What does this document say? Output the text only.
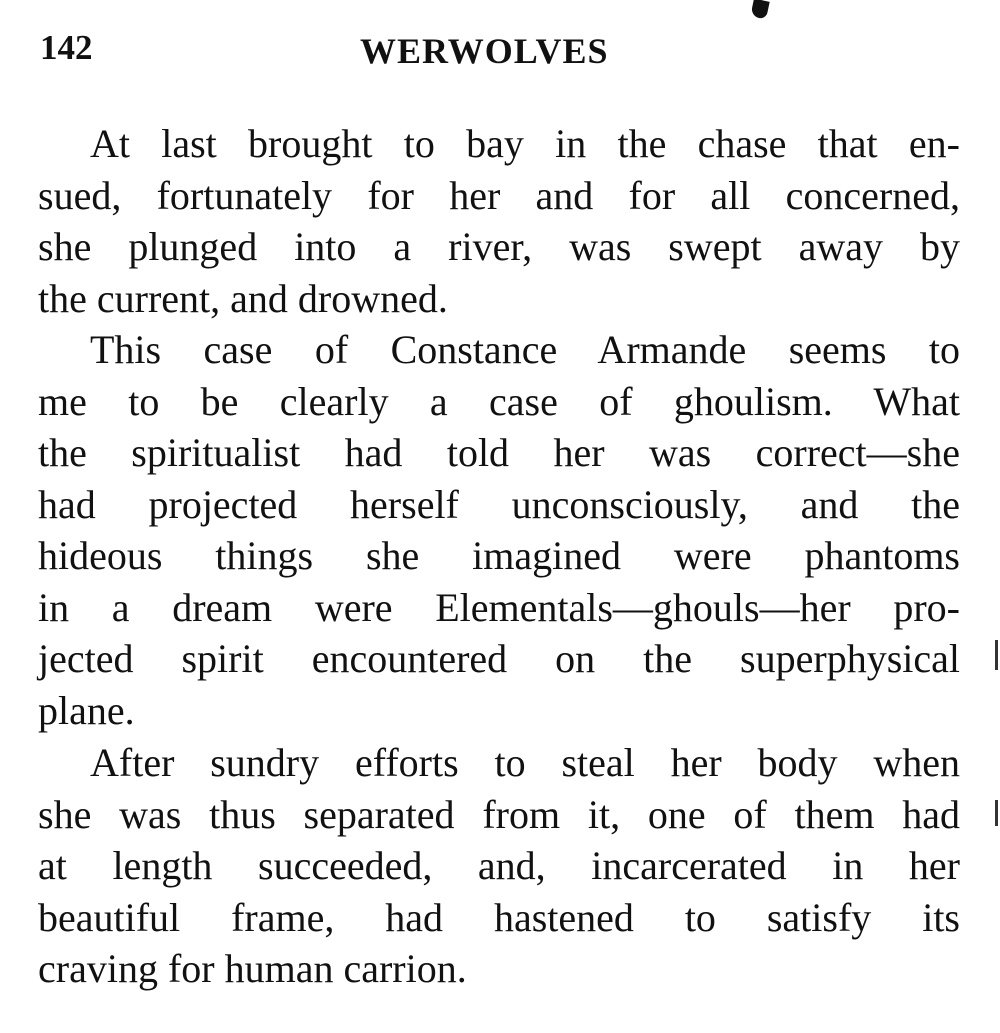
142	WERWOLVES

At last brought to bay in the chase that en-
sued, fortunately for her and for all concerned,
she plunged into a river, was swept away by
the current, and drowned.

This case of Constance Armande seems to
me to be clearly a case of ghoulism. What
the spiritualist had told her was correct—she
had projected herself unconsciously, and the
hideous things she imagined were phantoms
in a dream were Elementals—ghouls—her pro-
jected spirit encountered on the superphysical
plane.

After sundry efforts to steal her body when
she was thus separated from it, one of them had
at length succeeded, and, incarcerated in her
beautiful frame, had hastened to satisfy its
craving for human carrion.
